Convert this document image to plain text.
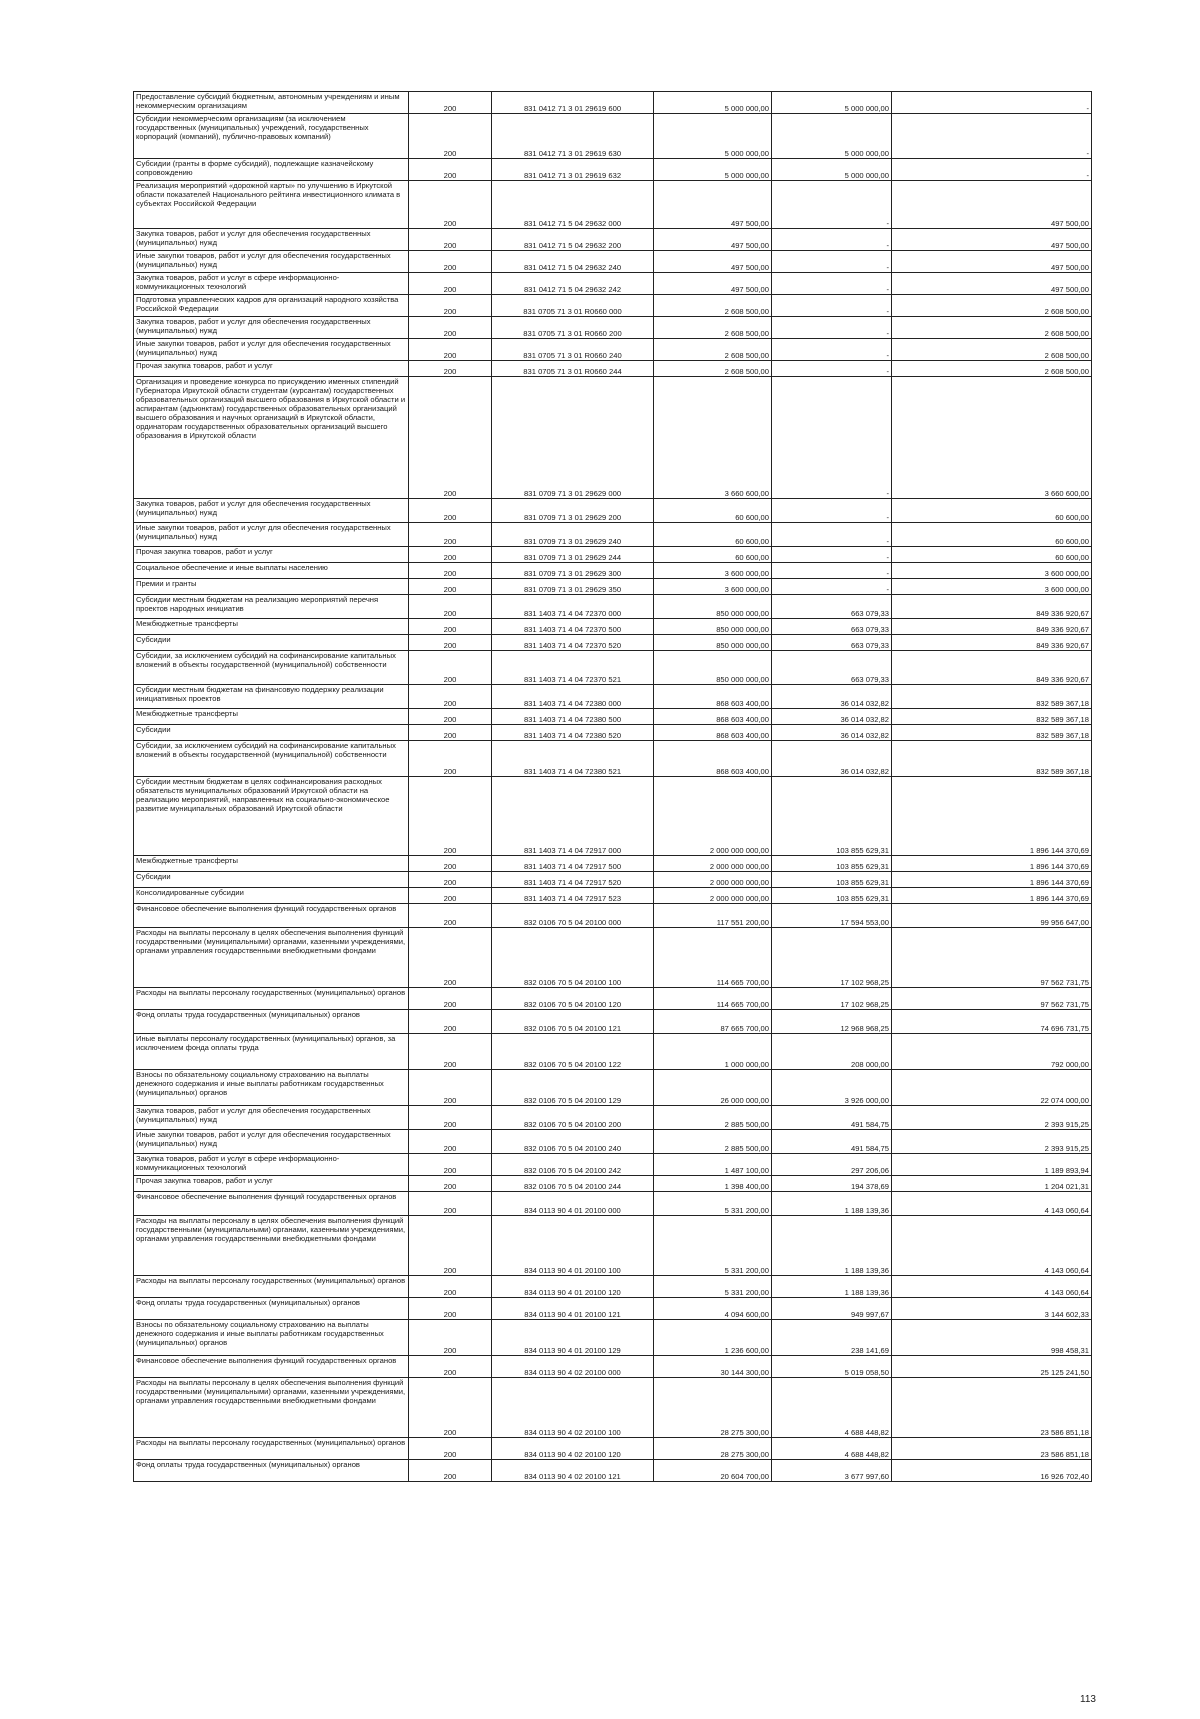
Предоставление субсидий бюджетным, автономным учреждениям и иным некоммерческим организациям	200	831 0412 71 3 01 29619 600	5 000 000,00	5 000 000,00	-
Субсидии некоммерческим организациям (за исключением государственных (муниципальных) учреждений, государственных корпораций (компаний), публично-правовых компаний)	200	831 0412 71 3 01 29619 630	5 000 000,00	5 000 000,00	-
Субсидии (гранты в форме субсидий), подлежащие казначейскому сопровождению	200	831 0412 71 3 01 29619 632	5 000 000,00	5 000 000,00	-
Реализация мероприятий «дорожной карты» по улучшению в Иркутской области показателей Национального рейтинга инвестиционного климата в субъектах Российской Федерации	200	831 0412 71 5 04 29632 000	497 500,00	-	497 500,00
Закупка товаров, работ и услуг для обеспечения государственных (муниципальных) нужд	200	831 0412 71 5 04 29632 200	497 500,00	-	497 500,00
Иные закупки товаров, работ и услуг для обеспечения государственных (муниципальных) нужд	200	831 0412 71 5 04 29632 240	497 500,00	-	497 500,00
Закупка товаров, работ и услуг в сфере информационно-коммуникационных технологий	200	831 0412 71 5 04 29632 242	497 500,00	-	497 500,00
Подготовка управленческих кадров для организаций народного хозяйства Российской Федерации	200	831 0705 71 3 01 R0660 000	2 608 500,00	-	2 608 500,00
Закупка товаров, работ и услуг для обеспечения государственных (муниципальных) нужд	200	831 0705 71 3 01 R0660 200	2 608 500,00	-	2 608 500,00
Иные закупки товаров, работ и услуг для обеспечения государственных (муниципальных) нужд	200	831 0705 71 3 01 R0660 240	2 608 500,00	-	2 608 500,00
Прочая закупка товаров, работ и услуг	200	831 0705 71 3 01 R0660 244	2 608 500,00	-	2 608 500,00
Организация и проведение конкурса по присуждению именных стипендий Губернатора Иркутской области студентам (курсантам) государственных образовательных организаций высшего образования в Иркутской области и аспирантам (адъюнктам) государственных образовательных организаций высшего образования и научных организаций в Иркутской области, ординаторам государственных образовательных организаций высшего образования в Иркутской области	200	831 0709 71 3 01 29629 000	3 660 600,00	-	3 660 600,00
Закупка товаров, работ и услуг для обеспечения государственных (муниципальных) нужд	200	831 0709 71 3 01 29629 200	60 600,00	-	60 600,00
Иные закупки товаров, работ и услуг для обеспечения государственных (муниципальных) нужд	200	831 0709 71 3 01 29629 240	60 600,00	-	60 600,00
Прочая закупка товаров, работ и услуг	200	831 0709 71 3 01 29629 244	60 600,00	-	60 600,00
Социальное обеспечение и иные выплаты населению	200	831 0709 71 3 01 29629 300	3 600 000,00	-	3 600 000,00
Премии и гранты	200	831 0709 71 3 01 29629 350	3 600 000,00	-	3 600 000,00
Субсидии местным бюджетам на реализацию мероприятий перечня проектов народных инициатив	200	831 1403 71 4 04 72370 000	850 000 000,00	663 079,33	849 336 920,67
Межбюджетные трансферты	200	831 1403 71 4 04 72370 500	850 000 000,00	663 079,33	849 336 920,67
Субсидии	200	831 1403 71 4 04 72370 520	850 000 000,00	663 079,33	849 336 920,67
Субсидии, за исключением субсидий на софинансирование капитальных вложений в объекты государственной (муниципальной) собственности	200	831 1403 71 4 04 72370 521	850 000 000,00	663 079,33	849 336 920,67
Субсидии местным бюджетам на финансовую поддержку реализации инициативных проектов	200	831 1403 71 4 04 72380 000	868 603 400,00	36 014 032,82	832 589 367,18
Межбюджетные трансферты	200	831 1403 71 4 04 72380 500	868 603 400,00	36 014 032,82	832 589 367,18
Субсидии	200	831 1403 71 4 04 72380 520	868 603 400,00	36 014 032,82	832 589 367,18
Субсидии, за исключением субсидий на софинансирование капитальных вложений в объекты государственной (муниципальной) собственности	200	831 1403 71 4 04 72380 521	868 603 400,00	36 014 032,82	832 589 367,18
Субсидии местным бюджетам в целях софинансирования расходных обязательств муниципальных образований Иркутской области на реализацию мероприятий, направленных на социально-экономическое развитие муниципальных образований Иркутской области	200	831 1403 71 4 04 72917 000	2 000 000 000,00	103 855 629,31	1 896 144 370,69
Межбюджетные трансферты	200	831 1403 71 4 04 72917 500	2 000 000 000,00	103 855 629,31	1 896 144 370,69
Субсидии	200	831 1403 71 4 04 72917 520	2 000 000 000,00	103 855 629,31	1 896 144 370,69
Консолидированные субсидии	200	831 1403 71 4 04 72917 523	2 000 000 000,00	103 855 629,31	1 896 144 370,69
Финансовое обеспечение выполнения функций государственных органов	200	832 0106 70 5 04 20100 000	117 551 200,00	17 594 553,00	99 956 647,00
Расходы на выплаты персоналу в целях обеспечения выполнения функций государственными (муниципальными) органами, казенными учреждениями, органами управления государственными внебюджетными фондами	200	832 0106 70 5 04 20100 100	114 665 700,00	17 102 968,25	97 562 731,75
Расходы на выплаты персоналу государственных (муниципальных) органов	200	832 0106 70 5 04 20100 120	114 665 700,00	17 102 968,25	97 562 731,75
Фонд оплаты труда государственных (муниципальных) органов	200	832 0106 70 5 04 20100 121	87 665 700,00	12 968 968,25	74 696 731,75
Иные выплаты персоналу государственных (муниципальных) органов, за исключением фонда оплаты труда	200	832 0106 70 5 04 20100 122	1 000 000,00	208 000,00	792 000,00
Взносы по обязательному социальному страхованию на выплаты денежного содержания и иные выплаты работникам государственных (муниципальных) органов	200	832 0106 70 5 04 20100 129	26 000 000,00	3 926 000,00	22 074 000,00
Закупка товаров, работ и услуг для обеспечения государственных (муниципальных) нужд	200	832 0106 70 5 04 20100 200	2 885 500,00	491 584,75	2 393 915,25
Иные закупки товаров, работ и услуг для обеспечения государственных (муниципальных) нужд	200	832 0106 70 5 04 20100 240	2 885 500,00	491 584,75	2 393 915,25
Закупка товаров, работ и услуг в сфере информационно-коммуникационных технологий	200	832 0106 70 5 04 20100 242	1 487 100,00	297 206,06	1 189 893,94
Прочая закупка товаров, работ и услуг	200	832 0106 70 5 04 20100 244	1 398 400,00	194 378,69	1 204 021,31
Финансовое обеспечение выполнения функций государственных органов	200	834 0113 90 4 01 20100 000	5 331 200,00	1 188 139,36	4 143 060,64
Расходы на выплаты персоналу в целях обеспечения выполнения функций государственными (муниципальными) органами, казенными учреждениями, органами управления государственными внебюджетными фондами	200	834 0113 90 4 01 20100 100	5 331 200,00	1 188 139,36	4 143 060,64
Расходы на выплаты персоналу государственных (муниципальных) органов	200	834 0113 90 4 01 20100 120	5 331 200,00	1 188 139,36	4 143 060,64
Фонд оплаты труда государственных (муниципальных) органов	200	834 0113 90 4 01 20100 121	4 094 600,00	949 997,67	3 144 602,33
Взносы по обязательному социальному страхованию на выплаты денежного содержания и иные выплаты работникам государственных (муниципальных) органов	200	834 0113 90 4 01 20100 129	1 236 600,00	238 141,69	998 458,31
Финансовое обеспечение выполнения функций государственных органов	200	834 0113 90 4 02 20100 000	30 144 300,00	5 019 058,50	25 125 241,50
Расходы на выплаты персоналу в целях обеспечения выполнения функций государственными (муниципальными) органами, казенными учреждениями, органами управления государственными внебюджетными фондами	200	834 0113 90 4 02 20100 100	28 275 300,00	4 688 448,82	23 586 851,18
Расходы на выплаты персоналу государственных (муниципальных) органов	200	834 0113 90 4 02 20100 120	28 275 300,00	4 688 448,82	23 586 851,18
Фонд оплаты труда государственных (муниципальных) органов	200	834 0113 90 4 02 20100 121	20 604 700,00	3 677 997,60	16 926 702,40
113
